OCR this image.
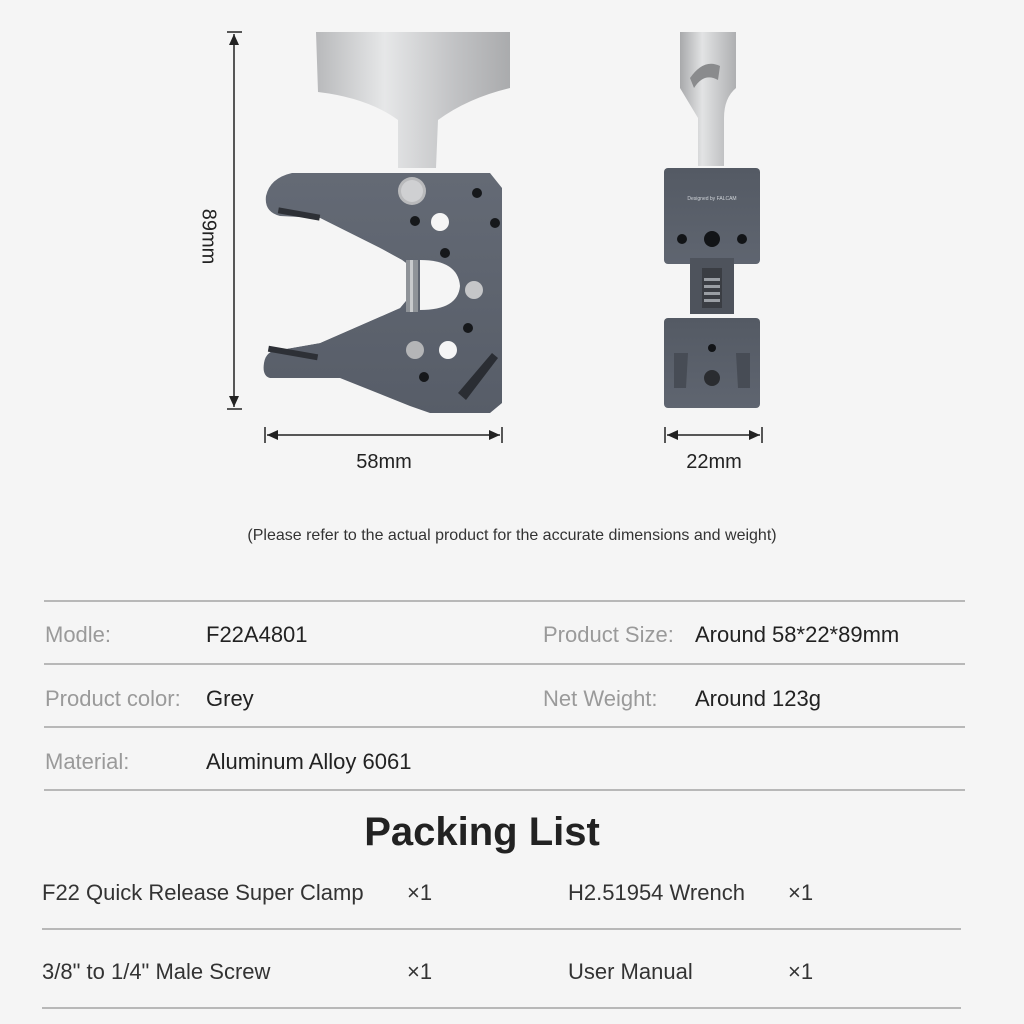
89mm
58mm
Designed by FALCAM
22mm
(Please refer to the actual product for the accurate dimensions and weight)
Modle:	F22A4801	Product Size: Around 58*22*89mm
Product color: Grey	Net Weight: Around 123g
Material:	Aluminum Alloy 6061
Packing List
F22 Quick Release Super Clamp ×1	H2.51954 Wrench ×1
3/8" to 1/4" Male Screw	×1	User Manual	×1
